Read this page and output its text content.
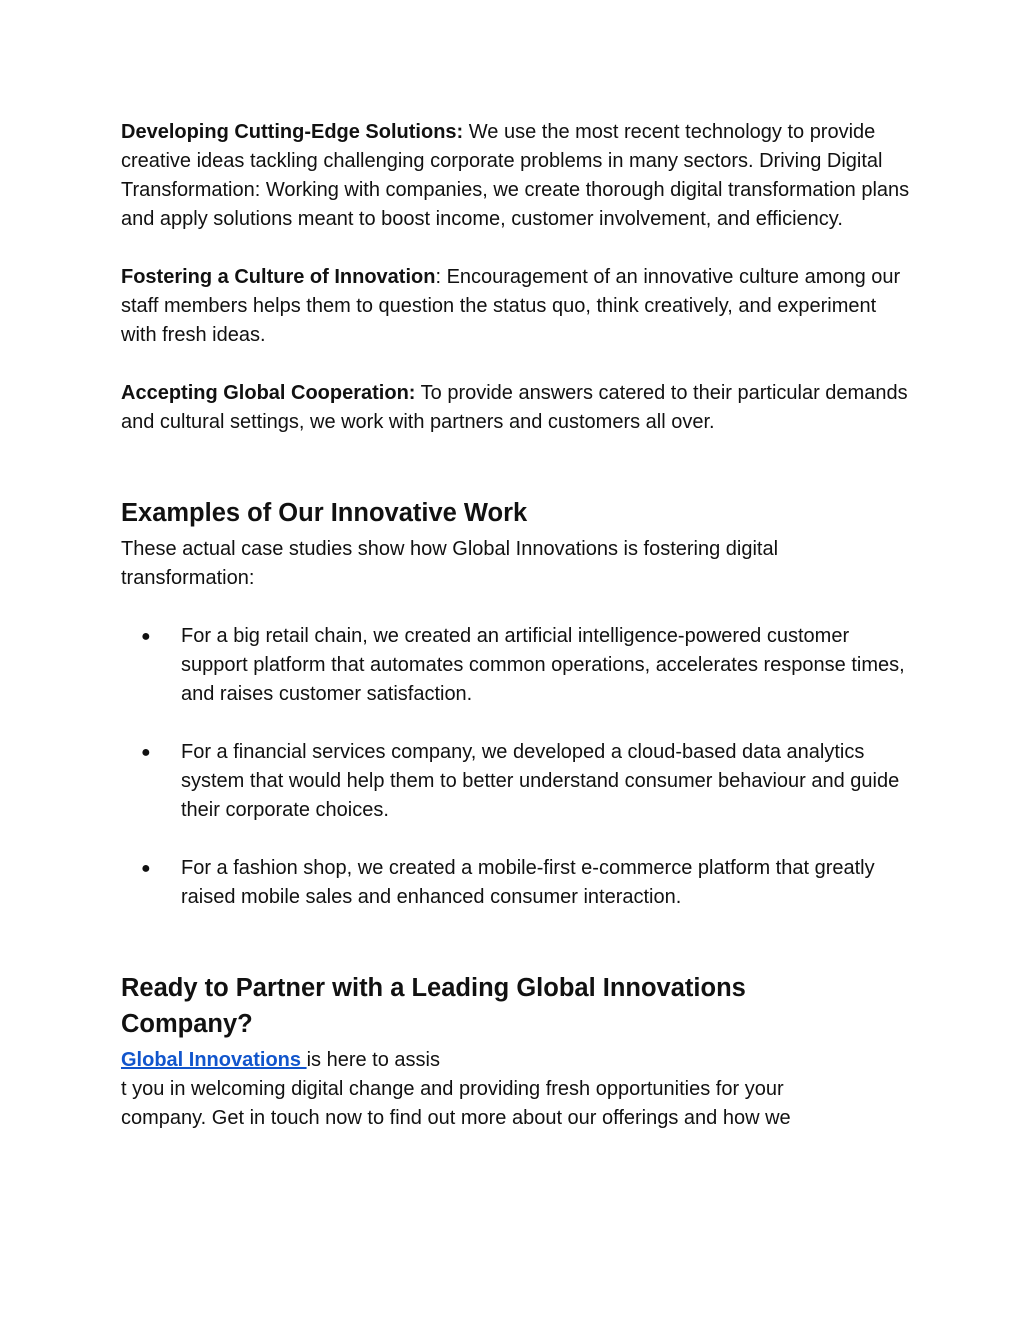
Developing Cutting-Edge Solutions: We use the most recent technology to provide creative ideas tackling challenging corporate problems in many sectors. Driving Digital Transformation: Working with companies, we create thorough digital transformation plans and apply solutions meant to boost income, customer involvement, and efficiency.

Fostering a Culture of Innovation: Encouragement of an innovative culture among our staff members helps them to question the status quo, think creatively, and experiment with fresh ideas.

Accepting Global Cooperation: To provide answers catered to their particular demands and cultural settings, we work with partners and customers all over.

Examples of Our Innovative Work

These actual case studies show how Global Innovations is fostering digital transformation:

● For a big retail chain, we created an artificial intelligence-powered customer support platform that automates common operations, accelerates response times, and raises customer satisfaction.
● For a financial services company, we developed a cloud-based data analytics system that would help them to better understand consumer behaviour and guide their corporate choices.
● For a fashion shop, we created a mobile-first e-commerce platform that greatly raised mobile sales and enhanced consumer interaction.
Ready to Partner with a Leading Global Innovations
Company?

Global Innovations is here to assis
t you in welcoming digital change and providing fresh opportunities for your
company. Get in touch now to find out more about our offerings and how we
